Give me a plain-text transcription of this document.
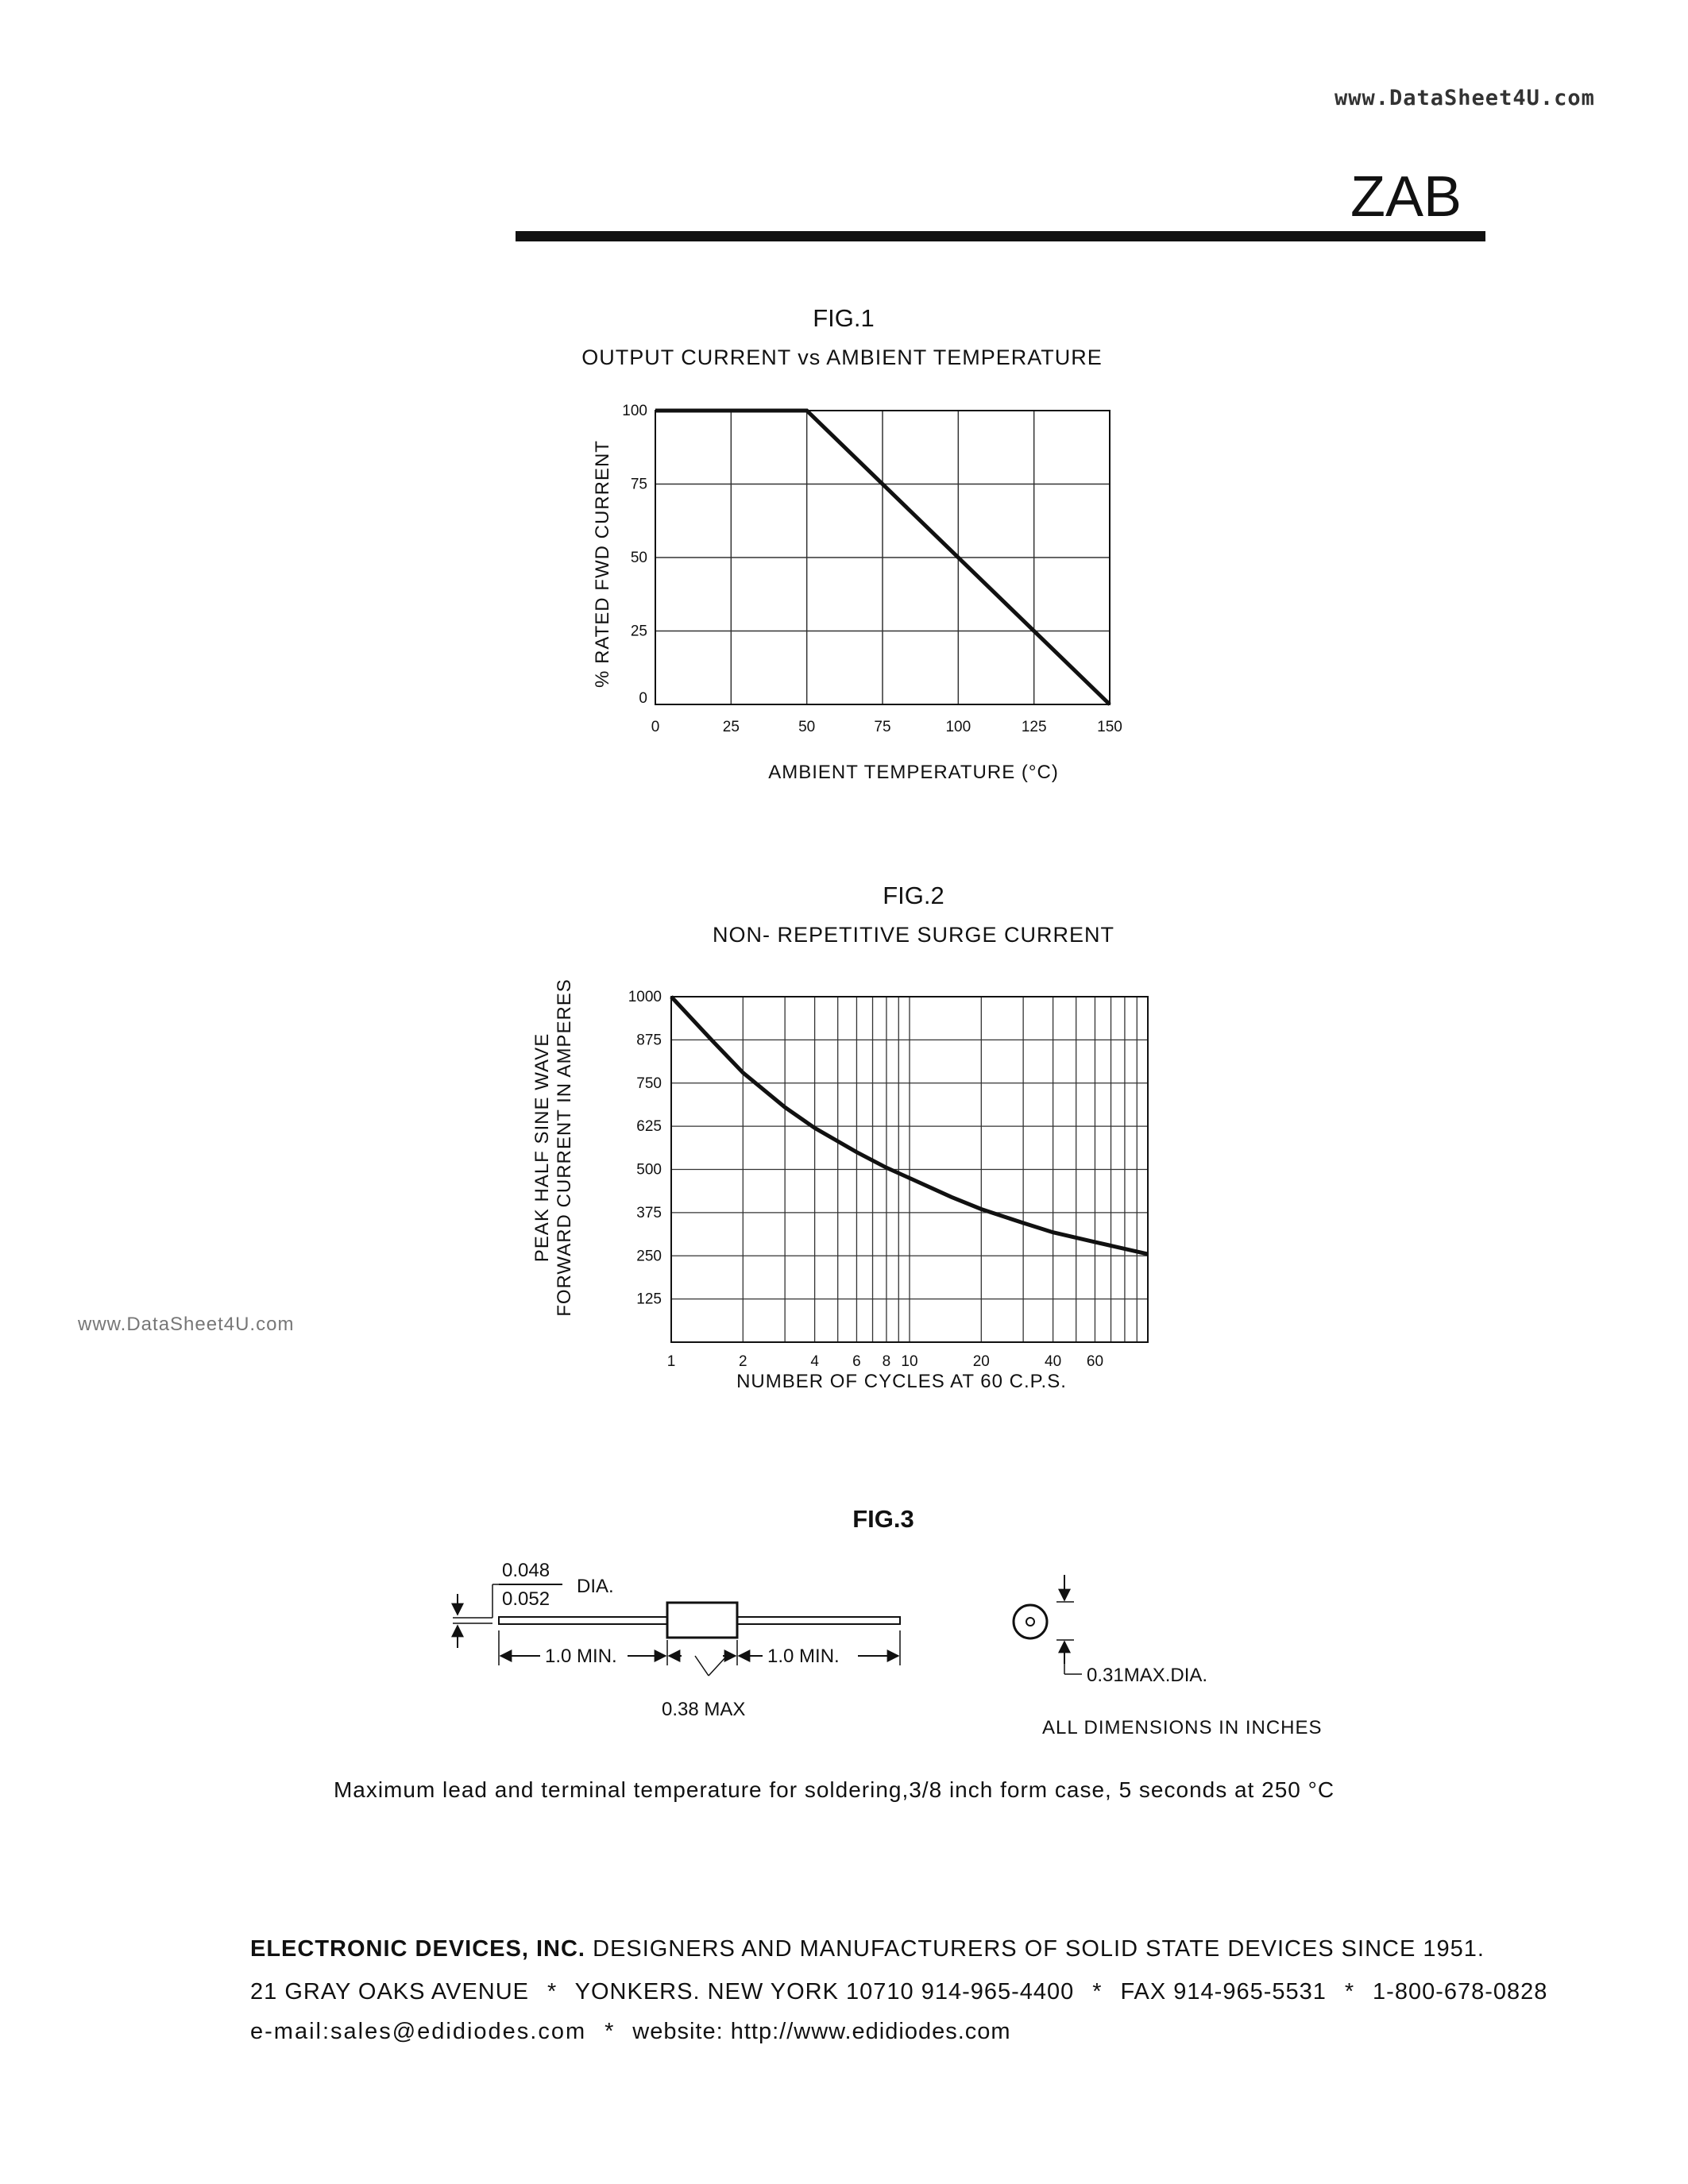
www.DataSheet4U.com
ZAB
www.DataSheet4U.com
FIG.1
OUTPUT CURRENT vs AMBIENT TEMPERATURE
0	25	50	75	100	125	150
100
75
50
25
0
% RATED FWD CURRENT
AMBIENT TEMPERATURE (°C)
FIG.2
NON- REPETITIVE SURGE CURRENT
1000
875
750
625
500
375
250
125
1	2	4 6 8 10	20	40 60
PEAK HALF SINE WAVE FORWARD CURRENT IN AMPERES
NUMBER OF CYCLES AT 60 C.P.S.
FIG.3
0.048
0.052
DIA.
1.0 MIN.
0.38 MAX
1.0 MIN.
0.31MAX.DIA.
ALL DIMENSIONS IN INCHES
Maximum lead and terminal temperature for soldering,3/8 inch form case, 5 seconds at 250 °C
ELECTRONIC DEVICES, INC. DESIGNERS AND MANUFACTURERS OF SOLID STATE DEVICES SINCE 1951.
21 GRAY OAKS AVENUE * YONKERS. NEW YORK 10710 914-965-4400 * FAX 914-965-5531 * 1-800-678-0828
e-mail:sales@edidiodes.com * website: http://www.edidiodes.com
